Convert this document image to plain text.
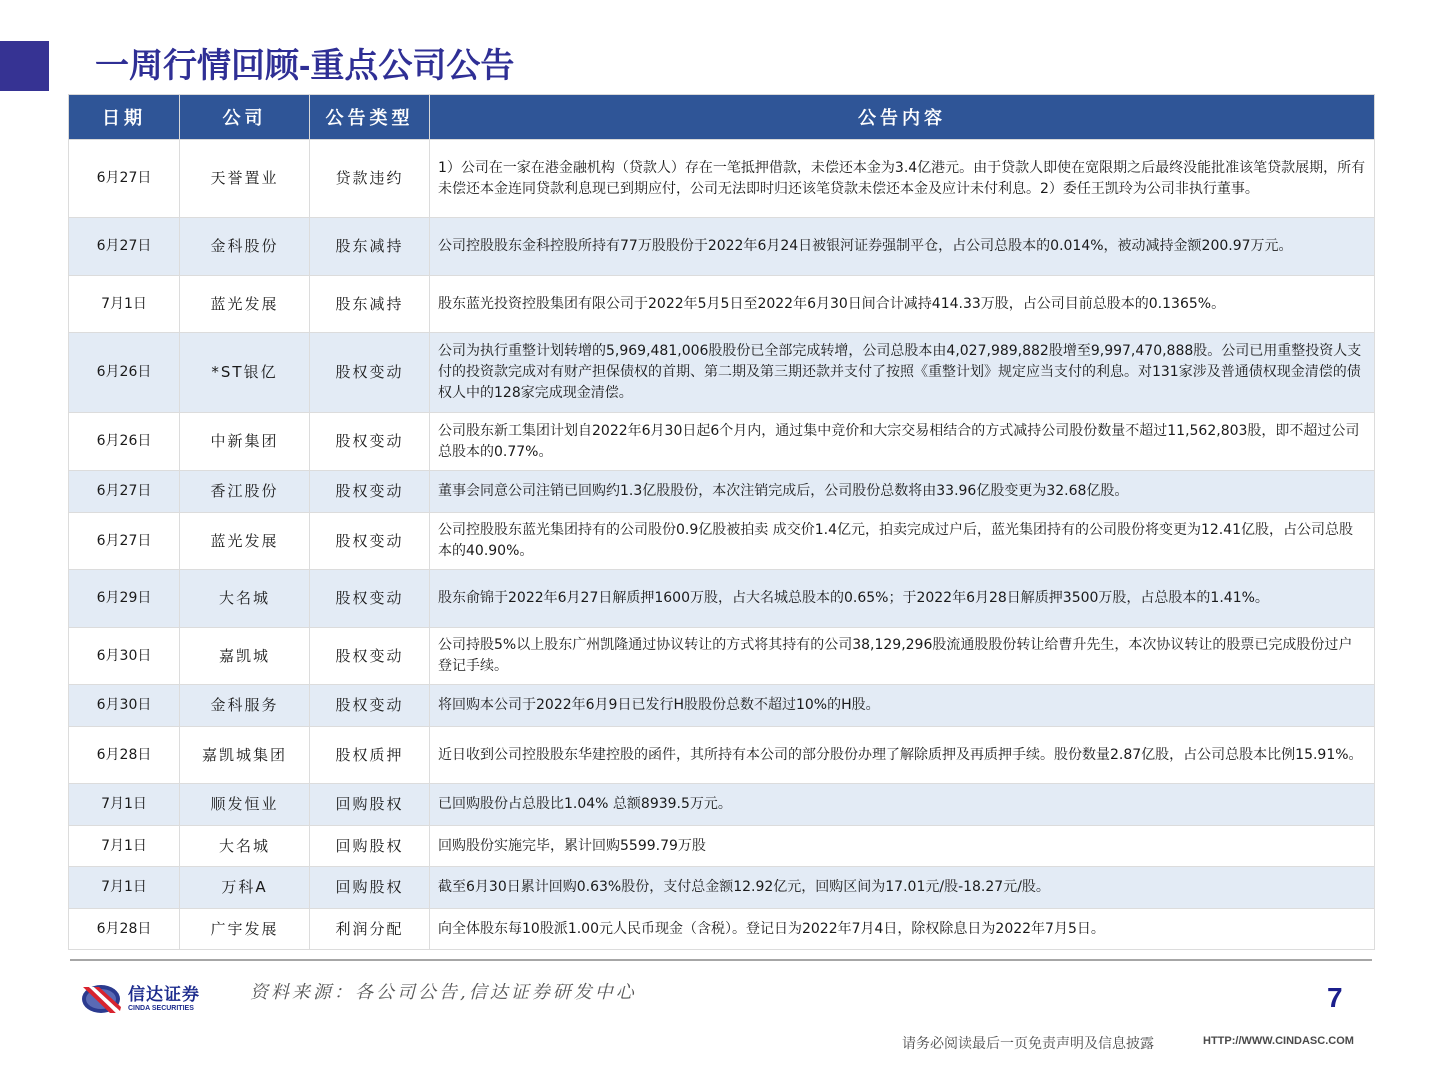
一周行情回顾-重点公司公告
日期	公司	公告类型	公告内容
6月27日	天誉置业	贷款违约	1）公司在一家在港金融机构（贷款人）存在一笔抵押借款，未偿还本金为3.4亿港元。由于贷款人即使在宽限期之后最终没能批准该笔贷款展期，所有未偿还本金连同贷款利息现已到期应付，公司无法即时归还该笔贷款未偿还本金及应计未付利息。2）委任王凯玲为公司非执行董事。
6月27日	金科股份	股东减持	公司控股股东金科控股所持有77万股股份于2022年6月24日被银河证券强制平仓，占公司总股本的0.014%，被动减持金额200.97万元。
7月1日	蓝光发展	股东减持	股东蓝光投资控股集团有限公司于2022年5月5日至2022年6月30日间合计减持414.33万股，占公司目前总股本的0.1365%。
6月26日	*ST银亿	股权变动	公司为执行重整计划转增的5,969,481,006股股份已全部完成转增，公司总股本由4,027,989,882股增至9,997,470,888股。公司已用重整投资人支付的投资款完成对有财产担保债权的首期、第二期及第三期还款并支付了按照《重整计划》规定应当支付的利息。对131家涉及普通债权现金清偿的债权人中的128家完成现金清偿。
6月26日	中新集团	股权变动	公司股东新工集团计划自2022年6月30日起6个月内，通过集中竞价和大宗交易相结合的方式减持公司股份数量不超过11,562,803股，即不超过公司总股本的0.77%。
6月27日	香江股份	股权变动	董事会同意公司注销已回购约1.3亿股股份，本次注销完成后，公司股份总数将由33.96亿股变更为32.68亿股。
6月27日	蓝光发展	股权变动	公司控股股东蓝光集团持有的公司股份0.9亿股被拍卖 成交价1.4亿元，拍卖完成过户后，蓝光集团持有的公司股份将变更为12.41亿股，占公司总股本的40.90%。
6月29日	大名城	股权变动	股东俞锦于2022年6月27日解质押1600万股，占大名城总股本的0.65%；于2022年6月28日解质押3500万股，占总股本的1.41%。
6月30日	嘉凯城	股权变动	公司持股5%以上股东广州凯隆通过协议转让的方式将其持有的公司38,129,296股流通股股份转让给曹升先生，本次协议转让的股票已完成股份过户登记手续。
6月30日	金科服务	股权变动	将回购本公司于2022年6月9日已发行H股股份总数不超过10%的H股。
6月28日	嘉凯城集团	股权质押	近日收到公司控股股东华建控股的函件，其所持有本公司的部分股份办理了解除质押及再质押手续。股份数量2.87亿股，占公司总股本比例15.91%。
7月1日	顺发恒业	回购股权	已回购股份占总股比1.04% 总额8939.5万元。
7月1日	大名城	回购股权	回购股份实施完毕，累计回购5599.79万股
7月1日	万科A	回购股权	截至6月30日累计回购0.63%股份，支付总金额12.92亿元，回购区间为17.01元/股-18.27元/股。
6月28日	广宇发展	利润分配	向全体股东每10股派1.00元人民币现金（含税）。登记日为2022年7月4日，除权除息日为2022年7月5日。
信达证券
CINDA SECURITIES
资料来源：各公司公告,信达证券研发中心	7
请务必阅读最后一页免责声明及信息披露	HTTP://WWW.CINDASC.COM
